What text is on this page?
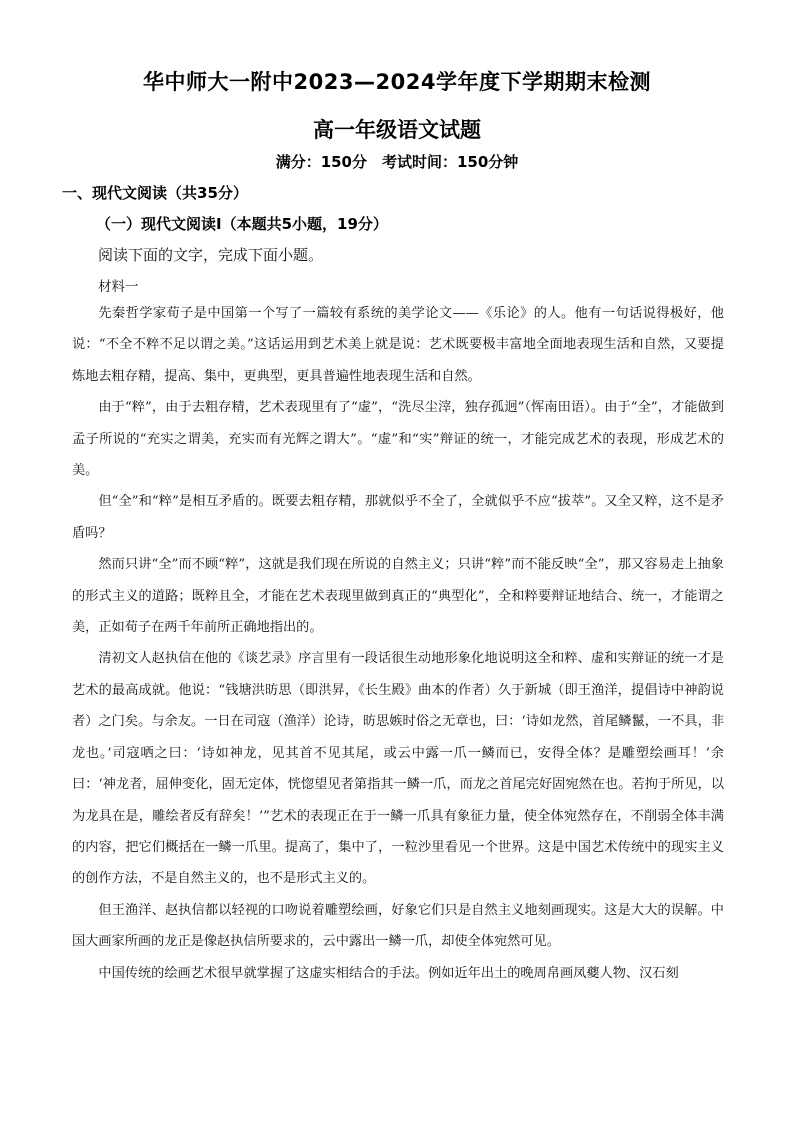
华中师大一附中2023—2024学年度下学期期末检测
高一年级语文试题
满分：150分　考试时间：150分钟
一、现代文阅读（共35分）
（一）现代文阅读Ⅰ（本题共5小题，19分）
阅读下面的文字，完成下面小题。
材料一

先秦哲学家荀子是中国第一个写了一篇较有系统的美学论文——《乐论》的人。他有一句话说得极好，他说：“不全不粹不足以谓之美。”这话运用到艺术美上就是说：艺术既要极丰富地全面地表现生活和自然，又要提炼地去粗存精，提高、集中，更典型，更具普遍性地表现生活和自然。

由于“粹”，由于去粗存精，艺术表现里有了“虚”，“洗尽尘滓，独存孤迥”（恽南田语）。由于“全”，才能做到孟子所说的“充实之谓美，充实而有光辉之谓大”。“虚”和“实”辩证的统一，才能完成艺术的表现，形成艺术的美。

但“全”和“粹”是相互矛盾的。既要去粗存精，那就似乎不全了，全就似乎不应“拔萃”。又全又粹，这不是矛盾吗？

然而只讲“全”而不顾“粹”，这就是我们现在所说的自然主义；只讲“粹”而不能反映“全”，那又容易走上抽象的形式主义的道路；既粹且全，才能在艺术表现里做到真正的“典型化”，全和粹要辩证地结合、统一，才能谓之美，正如荀子在两千年前所正确地指出的。

清初文人赵执信在他的《谈艺录》序言里有一段话很生动地形象化地说明这全和粹、虚和实辩证的统一才是艺术的最高成就。他说：“钱塘洪昉思（即洪昇，《长生殿》曲本的作者）久于新城（即王渔洋，提倡诗中神韵说者）之门矣。与余友。一日在司寇（渔洋）论诗，昉思嫉时俗之无章也，曰：‘诗如龙然，首尾鳞鬣，一不具，非龙也。’司寇哂之曰：‘诗如神龙，见其首不见其尾，或云中露一爪一鳞而已，安得全体？是雕塑绘画耳！’余曰：‘神龙者，屈伸变化，固无定体，恍惚望见者第指其一鳞一爪，而龙之首尾完好固宛然在也。若拘于所见，以为龙具在是，雕绘者反有辞矣！’”艺术的表现正在于一鳞一爪具有象征力量，使全体宛然存在，不削弱全体丰满的内容，把它们概括在一鳞一爪里。提高了，集中了，一粒沙里看见一个世界。这是中国艺术传统中的现实主义的创作方法，不是自然主义的，也不是形式主义的。

但王渔洋、赵执信都以轻视的口吻说着雕塑绘画，好象它们只是自然主义地刻画现实。这是大大的误解。中国大画家所画的龙正是像赵执信所要求的，云中露出一鳞一爪，却使全体宛然可见。

中国传统的绘画艺术很早就掌握了这虚实相结合的手法。例如近年出土的晚周帛画凤夔人物、汉石刻
